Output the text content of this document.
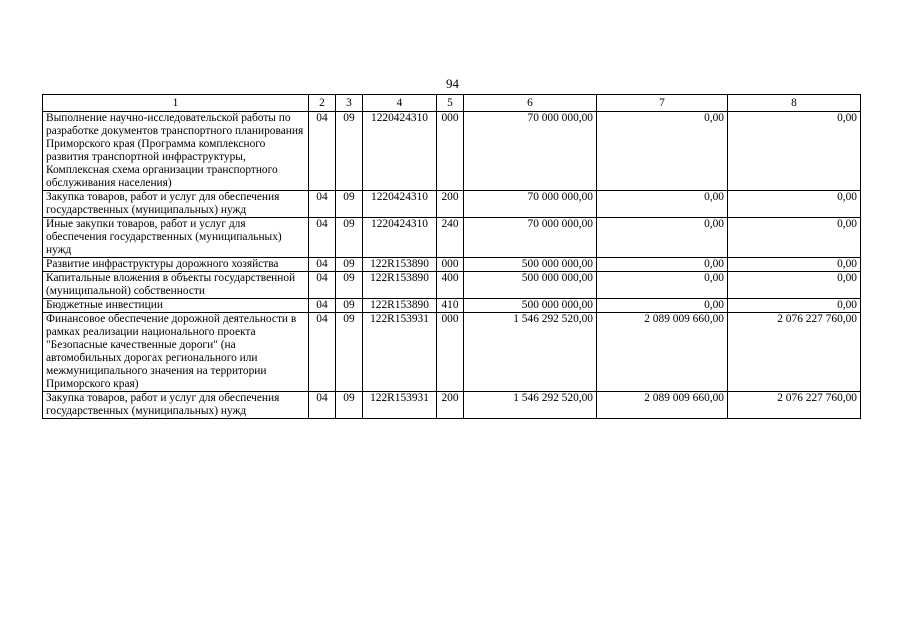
94
1	2	3	4	5	6	7	8
Выполнение научно-исследовательской работы по разработке документов транспортного планирования Приморского края (Программа комплексного развития транспортной инфраструктуры, Комплексная схема организации транспортного обслуживания населения)	04	09	1220424310	000	70 000 000,00	0,00	0,00
Закупка товаров, работ и услуг для обеспечения государственных (муниципальных) нужд	04	09	1220424310	200	70 000 000,00	0,00	0,00
Иные закупки товаров, работ и услуг для обеспечения государственных (муниципальных) нужд	04	09	1220424310	240	70 000 000,00	0,00	0,00
Развитие инфраструктуры дорожного хозяйства	04	09	122R153890	000	500 000 000,00	0,00	0,00
Капитальные вложения в объекты государственной (муниципальной) собственности	04	09	122R153890	400	500 000 000,00	0,00	0,00
Бюджетные инвестиции	04	09	122R153890	410	500 000 000,00	0,00	0,00
Финансовое обеспечение дорожной деятельности в рамках реализации национального проекта "Безопасные качественные дороги" (на автомобильных дорогах регионального или межмуниципального значения на территории Приморского края)	04	09	122R153931	000	1 546 292 520,00	2 089 009 660,00	2 076 227 760,00
Закупка товаров, работ и услуг для обеспечения государственных (муниципальных) нужд	04	09	122R153931	200	1 546 292 520,00	2 089 009 660,00	2 076 227 760,00
